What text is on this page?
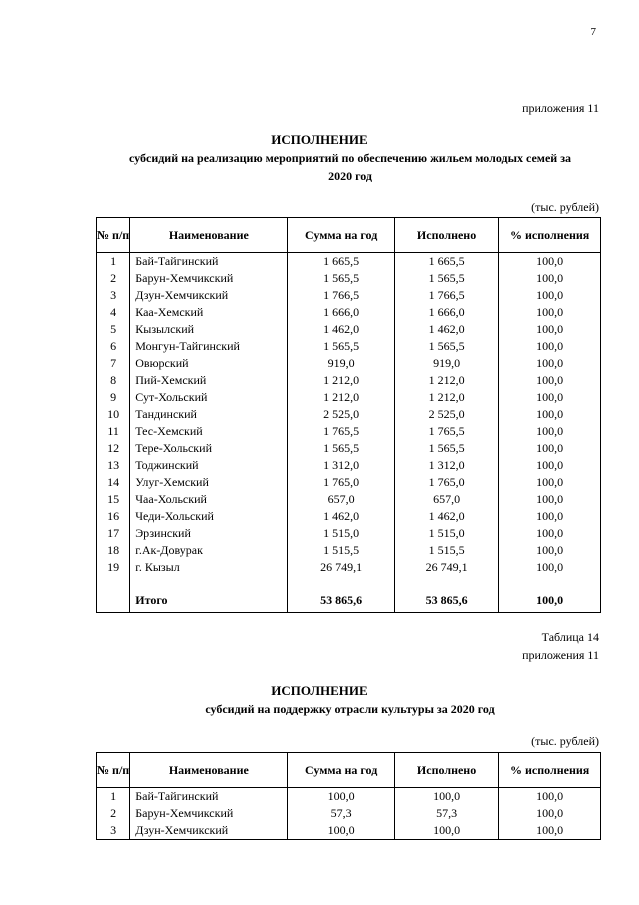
7
приложения 11
ИСПОЛНЕНИЕ
субсидий на реализацию мероприятий по обеспечению жильем молодых семей за
2020 год
(тыс. рублей)
№ п/п	Наименование	Сумма на год	Исполнено	% исполнения
1	Бай-Тайгинский	1 665,5	1 665,5	100,0
2	Барун-Хемчикский	1 565,5	1 565,5	100,0
3	Дзун-Хемчикский	1 766,5	1 766,5	100,0
4	Каа-Хемский	1 666,0	1 666,0	100,0
5	Кызылский	1 462,0	1 462,0	100,0
6	Монгун-Тайгинский	1 565,5	1 565,5	100,0
7	Овюрский	919,0	919,0	100,0
8	Пий-Хемский	1 212,0	1 212,0	100,0
9	Сут-Хольский	1 212,0	1 212,0	100,0
10	Тандинский	2 525,0	2 525,0	100,0
11	Тес-Хемский	1 765,5	1 765,5	100,0
12	Тере-Хольский	1 565,5	1 565,5	100,0
13	Тоджинский	1 312,0	1 312,0	100,0
14	Улуг-Хемский	1 765,0	1 765,0	100,0
15	Чаа-Хольский	657,0	657,0	100,0
16	Чеди-Хольский	1 462,0	1 462,0	100,0
17	Эрзинский	1 515,0	1 515,0	100,0
18	г.Ак-Довурак	1 515,5	1 515,5	100,0
19	г. Кызыл	26 749,1	26 749,1	100,0

	Итого	53 865,6	53 865,6	100,0
Таблица 14
приложения 11
ИСПОЛНЕНИЕ
субсидий на поддержку отрасли культуры за 2020 год
(тыс. рублей)
№ п/п	Наименование	Сумма на год	Исполнено	% исполнения
1	Бай-Тайгинский	100,0	100,0	100,0
2	Барун-Хемчикский	57,3	57,3	100,0
3	Дзун-Хемчикский	100,0	100,0	100,0
